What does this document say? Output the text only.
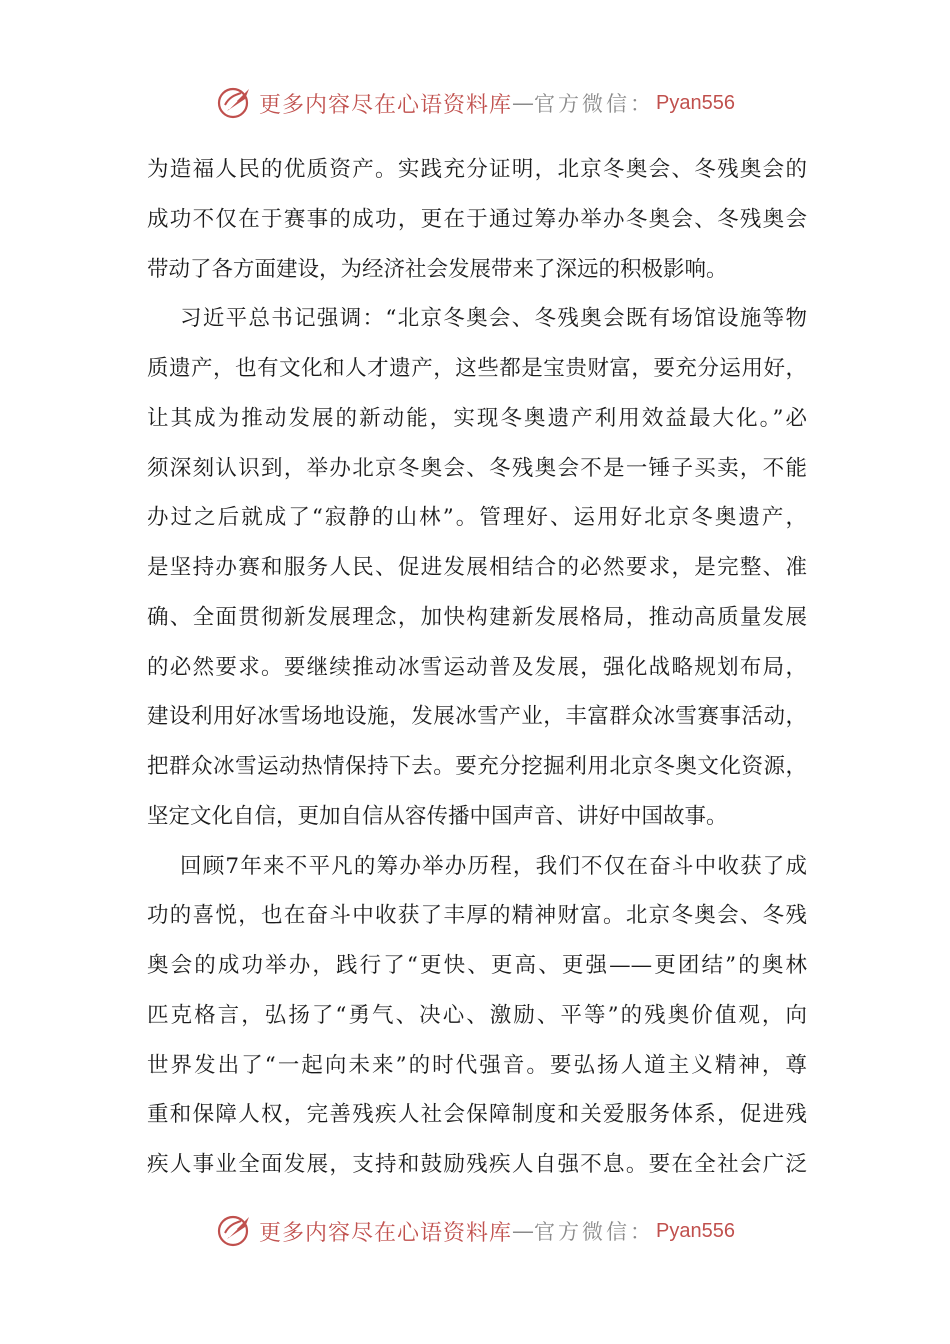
更多内容尽在心语资料库 — 官方微信： Pyan556
为造福人民的优质资产。实践充分证明，北京冬奥会、冬残奥会的
成功不仅在于赛事的成功，更在于通过筹办举办冬奥会、冬残奥会
带动了各方面建设，为经济社会发展带来了深远的积极影响。
习近平总书记强调：“北京冬奥会、冬残奥会既有场馆设施等物
质遗产，也有文化和人才遗产，这些都是宝贵财富，要充分运用好，
让其成为推动发展的新动能，实现冬奥遗产利用效益最大化。”必
须深刻认识到，举办北京冬奥会、冬残奥会不是一锤子买卖，不能
办过之后就成了“寂静的山林”。管理好、运用好北京冬奥遗产，
是坚持办赛和服务人民、促进发展相结合的必然要求，是完整、准
确、全面贯彻新发展理念，加快构建新发展格局，推动高质量发展
的必然要求。要继续推动冰雪运动普及发展，强化战略规划布局，
建设利用好冰雪场地设施，发展冰雪产业，丰富群众冰雪赛事活动，
把群众冰雪运动热情保持下去。要充分挖掘利用北京冬奥文化资源，
坚定文化自信，更加自信从容传播中国声音、讲好中国故事。
回顾7年来不平凡的筹办举办历程，我们不仅在奋斗中收获了成
功的喜悦，也在奋斗中收获了丰厚的精神财富。北京冬奥会、冬残
奥会的成功举办，践行了“更快、更高、更强——更团结”的奥林
匹克格言，弘扬了“勇气、决心、激励、平等”的残奥价值观，向
世界发出了“一起向未来”的时代强音。要弘扬人道主义精神，尊
重和保障人权，完善残疾人社会保障制度和关爱服务体系，促进残
疾人事业全面发展，支持和鼓励残疾人自强不息。要在全社会广泛
更多内容尽在心语资料库 — 官方微信： Pyan556
